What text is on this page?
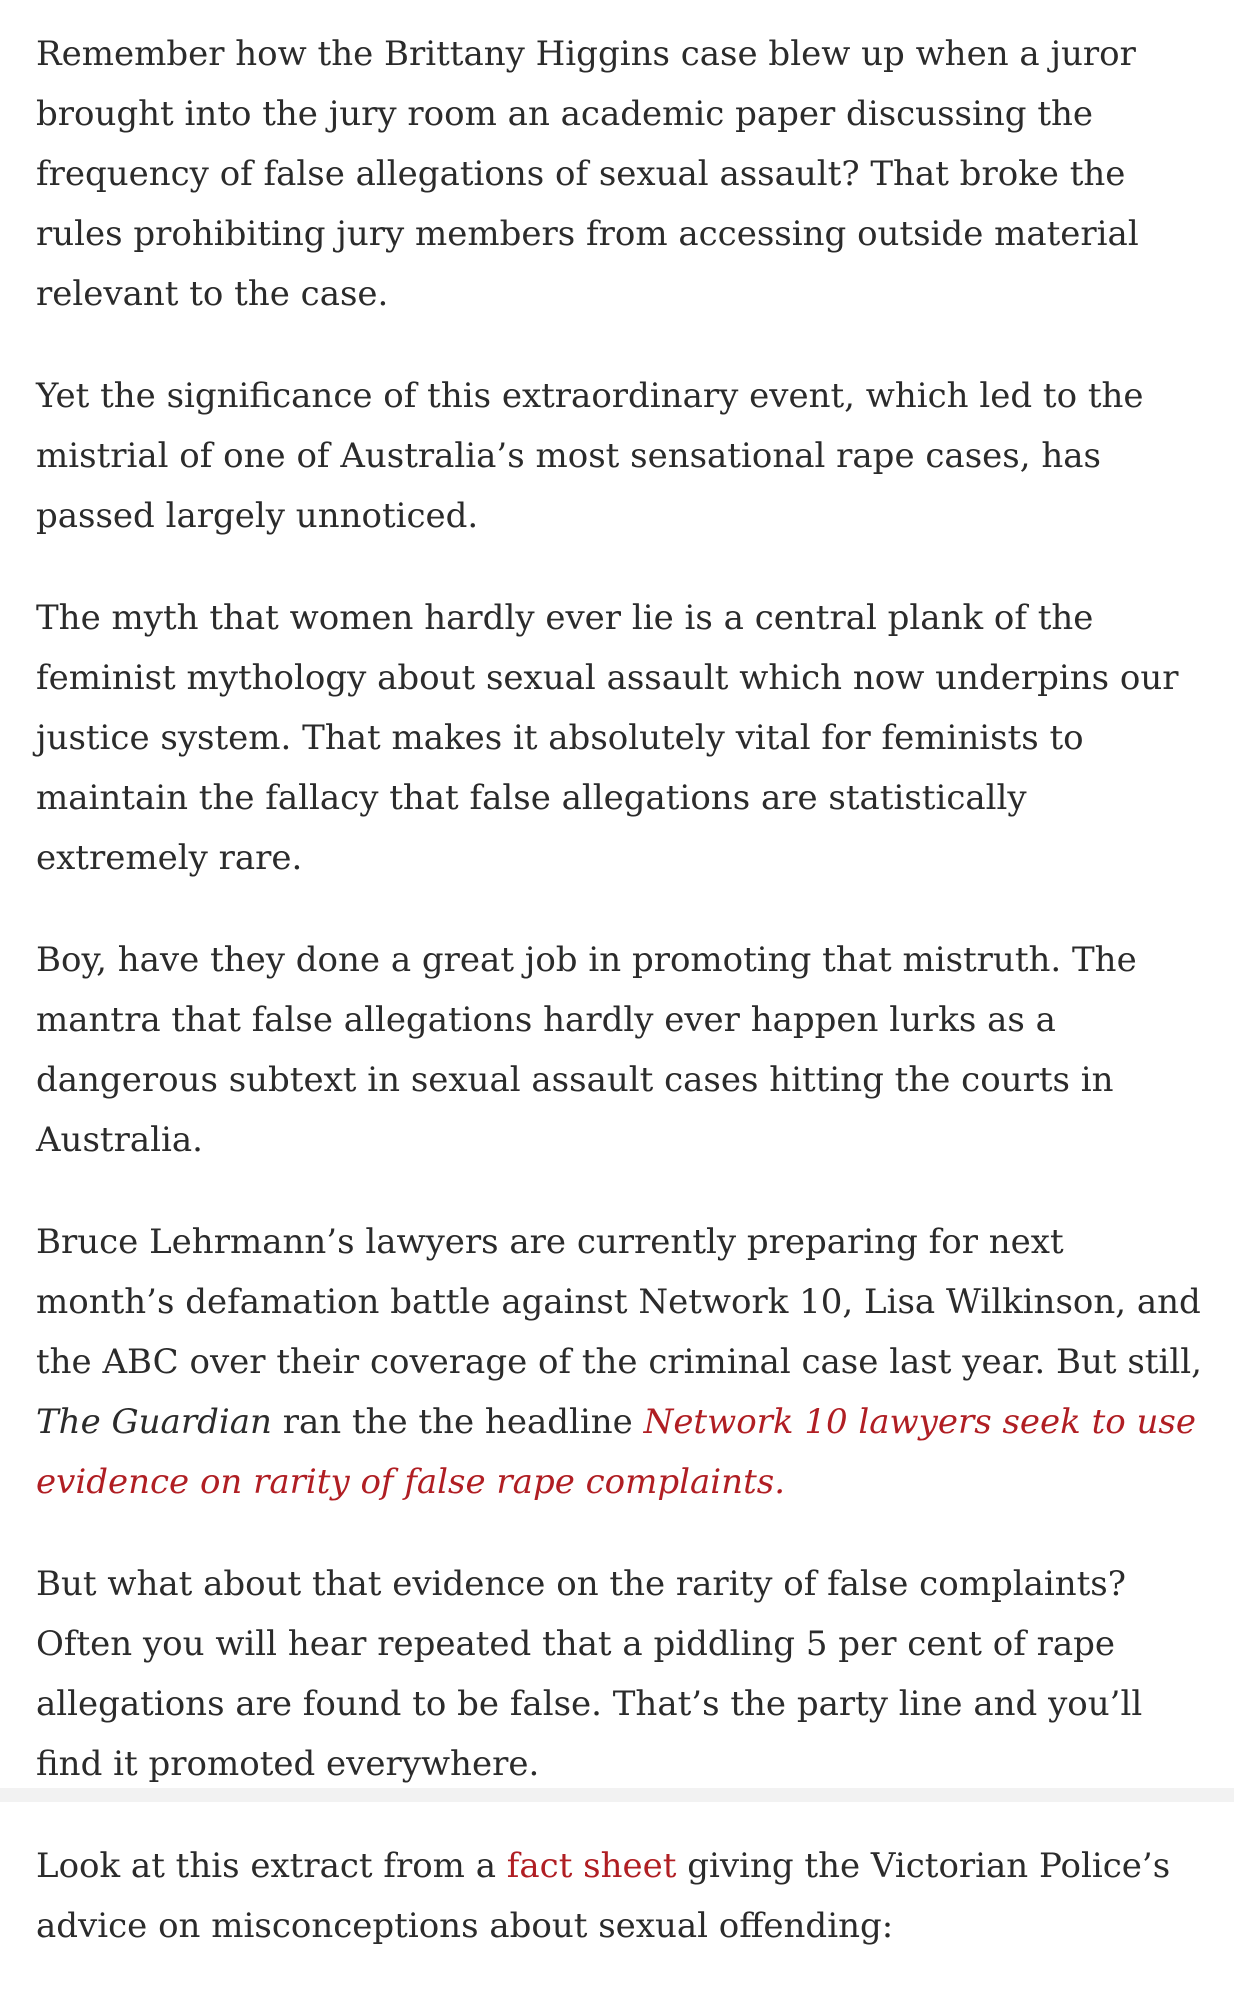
Remember how the Brittany Higgins case blew up when a juror brought into the jury room an academic paper discussing the frequency of false allegations of sexual assault? That broke the rules prohibiting jury members from accessing outside material relevant to the case.

Yet the significance of this extraordinary event, which led to the mistrial of one of Australia’s most sensational rape cases, has passed largely unnoticed.

The myth that women hardly ever lie is a central plank of the feminist mythology about sexual assault which now underpins our justice system. That makes it absolutely vital for feminists to maintain the fallacy that false allegations are statistically extremely rare.

Boy, have they done a great job in promoting that mistruth. The mantra that false allegations hardly ever happen lurks as a dangerous subtext in sexual assault cases hitting the courts in Australia.

Bruce Lehrmann’s lawyers are currently preparing for next month’s defamation battle against Network 10, Lisa Wilkinson, and the ABC over their coverage of the criminal case last year. But still, The Guardian ran the the headline Network 10 lawyers seek to use evidence on rarity of false rape complaints.

But what about that evidence on the rarity of false complaints? Often you will hear repeated that a piddling 5 per cent of rape allegations are found to be false. That’s the party line and you’ll find it promoted everywhere.

Look at this extract from a fact sheet giving the Victorian Police’s advice on misconceptions about sexual offending:
